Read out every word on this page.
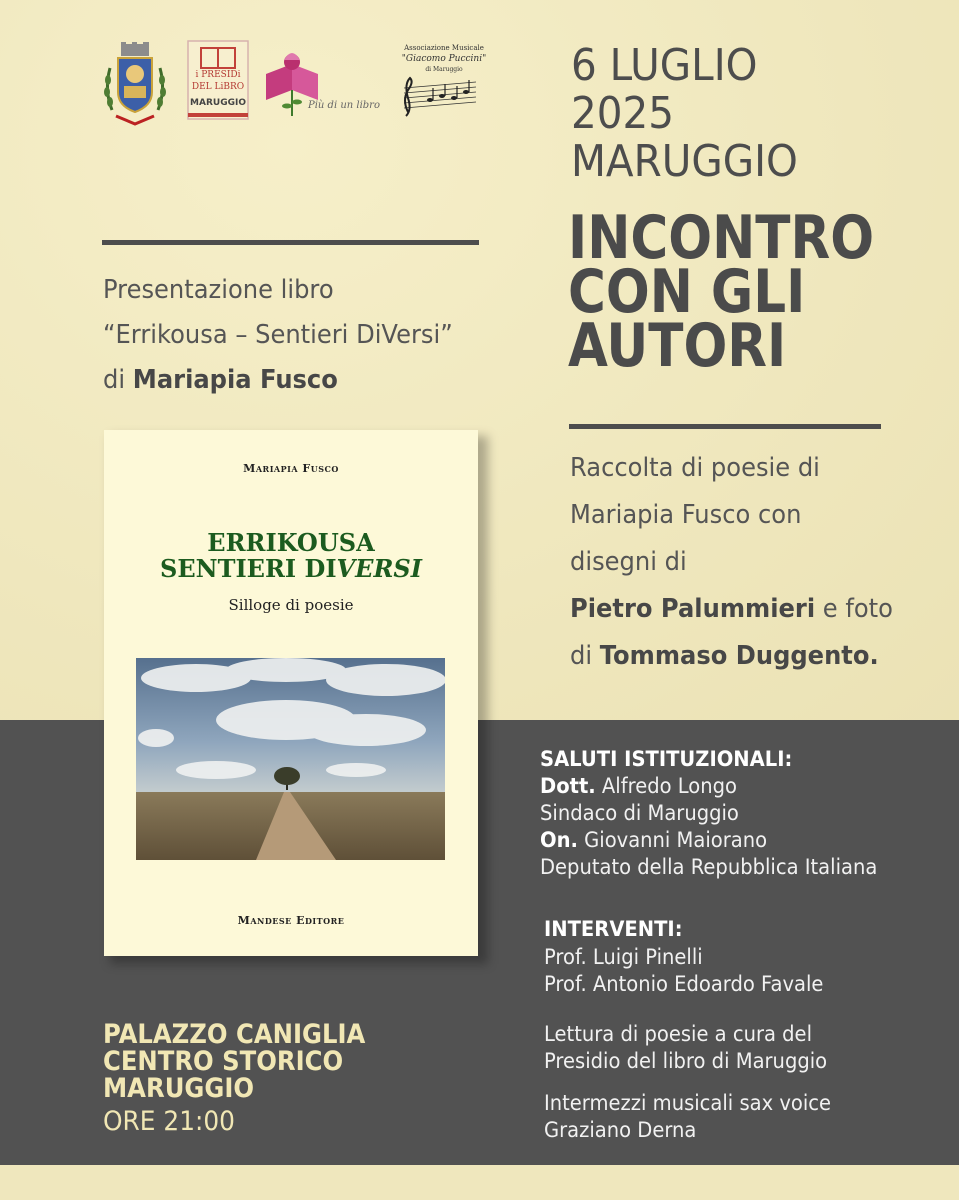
i PRESIDi
DEL LiBRO
MARUGGIO	Più di un libro
Associazione Musicale
"Giacomo Puccini"
di Maruggio	6 LUGLIO
2025
MARUGGIO
INCONTRO
CON GLI
AUTORI
Presentazione libro
“Errikousa – Sentieri DiVersi”
di Mariapia Fusco
Raccolta di poesie di
Mariapia Fusco con
disegni di
Pietro Palummieri e foto
di Tommaso Duggento.
Mariapia Fusco
ERRIKOUSA
SENTIERI DIVERSI
Silloge di poesie
Mandese Editore
SALUTI ISTITUZIONALI:
Dott. Alfredo Longo
Sindaco di Maruggio
On. Giovanni Maiorano
Deputato della Repubblica Italiana
INTERVENTI:
Prof. Luigi Pinelli
Prof. Antonio Edoardo Favale
Lettura di poesie a cura del
Presidio del libro di Maruggio
Intermezzi musicali sax voice
Graziano Derna
PALAZZO CANIGLIA
CENTRO STORICO
MARUGGIO
ORE 21:00
